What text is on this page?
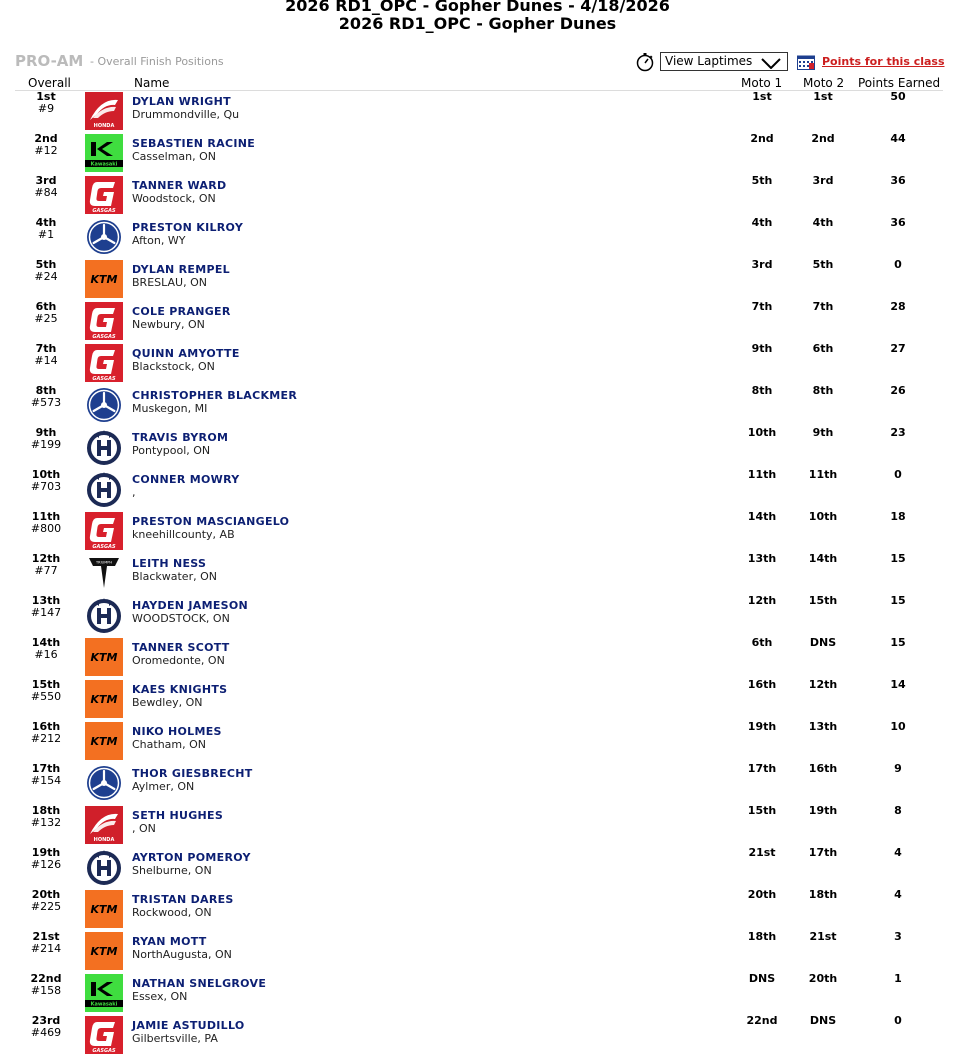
2026 RD1_OPC - Gopher Dunes - 4/18/2026
2026 RD1_OPC - Gopher Dunes
PRO-AM - Overall Finish Positions	View Laptimes	Points for this class
Overall	Name	Moto 1 Moto 2 Points Earned
1st
#9
HONDA
DYLAN WRIGHT
Drummondville, Qu
1st	1st	50
2nd
#12
Kawasaki
SEBASTIEN RACINE
Casselman, ON
2nd	2nd	44
3rd
#84
GASGAS
TANNER WARD
Woodstock, ON
5th	3rd	36
4th
#1
PRESTON KILROY
Afton, WY
4th	4th	36
5th
#24	KTM
DYLAN REMPEL
BRESLAU, ON
3rd	5th	0
6th
#25
GASGAS
COLE PRANGER
Newbury, ON
7th	7th	28
7th
#14
GASGAS
QUINN AMYOTTE
Blackstock, ON
9th	6th	27
8th
#573
CHRISTOPHER BLACKMER
Muskegon, MI
8th	8th	26
9th
#199
TRAVIS BYROM
Pontypool, ON
10th	9th	23
10th
#703
CONNER MOWRY
,
11th	11th	0
11th
#800
GASGAS
PRESTON MASCIANGELO
kneehillcounty, AB
14th	10th	18
12th
#77
TRIUMPH LEITH NESS
Blackwater, ON
13th	14th	15
13th
#147
HAYDEN JAMESON
WOODSTOCK, ON
12th	15th	15
14th
#16	KTM
TANNER SCOTT
Oromedonte, ON
6th	DNS	15
15th
#550	KTM
KAES KNIGHTS
Bewdley, ON
16th	12th	14
16th
#212	KTM
NIKO HOLMES
Chatham, ON
19th	13th	10
17th
#154
THOR GIESBRECHT
Aylmer, ON
17th	16th	9
18th
#132
HONDA
SETH HUGHES
, ON
15th	19th	8
19th
#126
AYRTON POMEROY
Shelburne, ON
21st	17th	4
20th
#225	KTM
TRISTAN DARES
Rockwood, ON
20th	18th	4
21st
#214	KTM
RYAN MOTT
NorthAugusta, ON
18th	21st	3
22nd
#158
Kawasaki
NATHAN SNELGROVE
Essex, ON
DNS	20th	1
23rd
#469
GASGAS
JAMIE ASTUDILLO
Gilbertsville, PA
22nd	DNS	0
